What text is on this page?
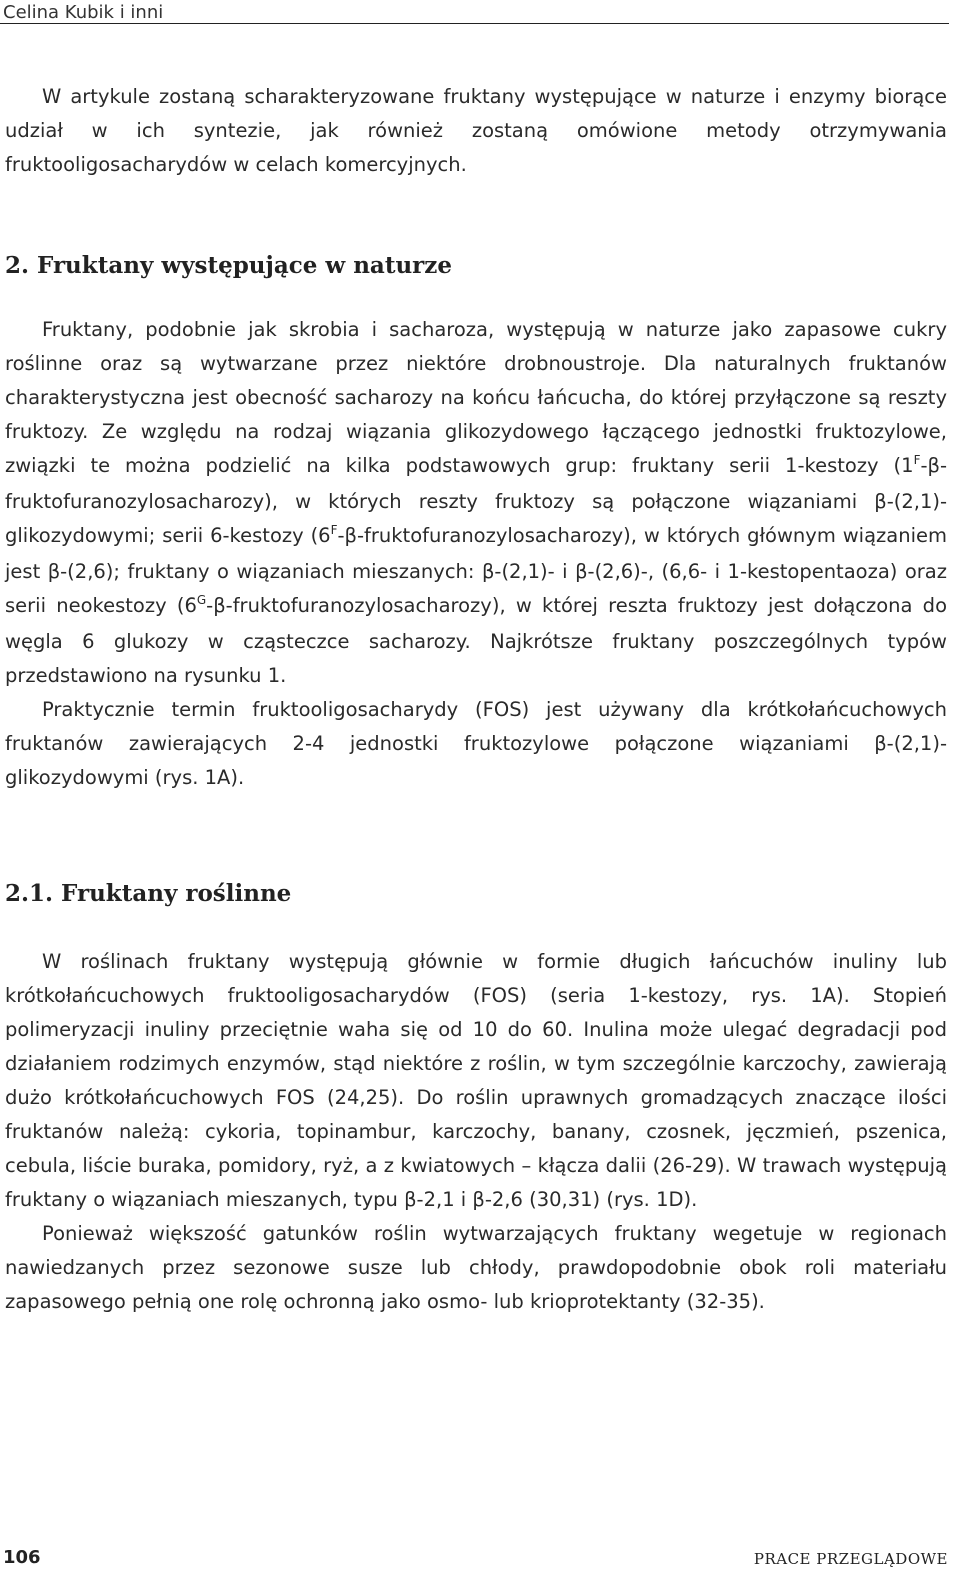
Celina Kubik i inni

W artykule zostaną scharakteryzowane fruktany występujące w naturze i enzymy biorące udział w ich syntezie, jak również zostaną omówione metody otrzymywania fruktooligosacharydów w celach komercyjnych.

2. Fruktany występujące w naturze

Fruktany, podobnie jak skrobia i sacharoza, występują w naturze jako zapasowe cukry roślinne oraz są wytwarzane przez niektóre drobnoustroje. Dla naturalnych fruktanów charakterystyczna jest obecność sacharozy na końcu łańcucha, do której przyłączone są reszty fruktozy. Ze względu na rodzaj wiązania glikozydowego łączącego jednostki fruktozylowe, związki te można podzielić na kilka podstawowych grup: fruktany serii 1-kestozy $(1^F-\beta-fruktofuranozylosacharozy)$, w których reszty fruktozy są połączone wiązaniami β-(2,1)-glikozydowymi; serii 6-kestozy $(6^F-\beta-fruktofuranozylosacharozy)$, w których głównym wiązaniem jest β-(2,6); fruktany o wiązaniach mieszanych: β-(2,1)- i β-(2,6)-, (6,6- i 1-kestopentaoza) oraz serii neokestozy $(6^G-\beta-fruktofuranozylosacharozy)$, w której reszta fruktozy jest dołączona do węgla 6 glukozy w cząsteczce sacharozy. Najkrótsze fruktany poszczególnych typów przedstawiono na rysunku 1.

Praktycznie termin fruktooligosacharydy (FOS) jest używany dla krótkołańcuchowych fruktanów zawierających 2-4 jednostki fruktozylowe połączone wiązaniami β-(2,1)-glikozydowymi (rys. 1A).

2.1. Fruktany roślinne

W roślinach fruktany występują głównie w formie długich łańcuchów inuliny lub krótkołańcuchowych fruktooligosacharydów (FOS) (seria 1-kestozy, rys. 1A). Stopień polimeryzacji inuliny przeciętnie waha się od 10 do 60. Inulina może ulegać degradacji pod działaniem rodzimych enzymów, stąd niektóre z roślin, w tym szczególnie karczochy, zawierają dużo krótkołańcuchowych FOS (24,25). Do roślin uprawnych gromadzących znaczące ilości fruktanów należą: cykoria, topinambur, karczochy, banany, czosnek, jęczmień, pszenica, cebula, liście buraka, pomidory, ryż, a z kwiatowych – kłącza dalii (26-29). W trawach występują fruktany o wiązaniach mieszanych, typu β-2,1 i β-2,6 (30,31) (rys. 1D).

Ponieważ większość gatunków roślin wytwarzających fruktany wegetuje w regionach nawiedzanych przez sezonowe susze lub chłody, prawdopodobnie obok roli materiału zapasowego pełnią one rolę ochronną jako osmo- lub krioprotektanty (32-35).

106	PRACE PRZEGLĄDOWE
